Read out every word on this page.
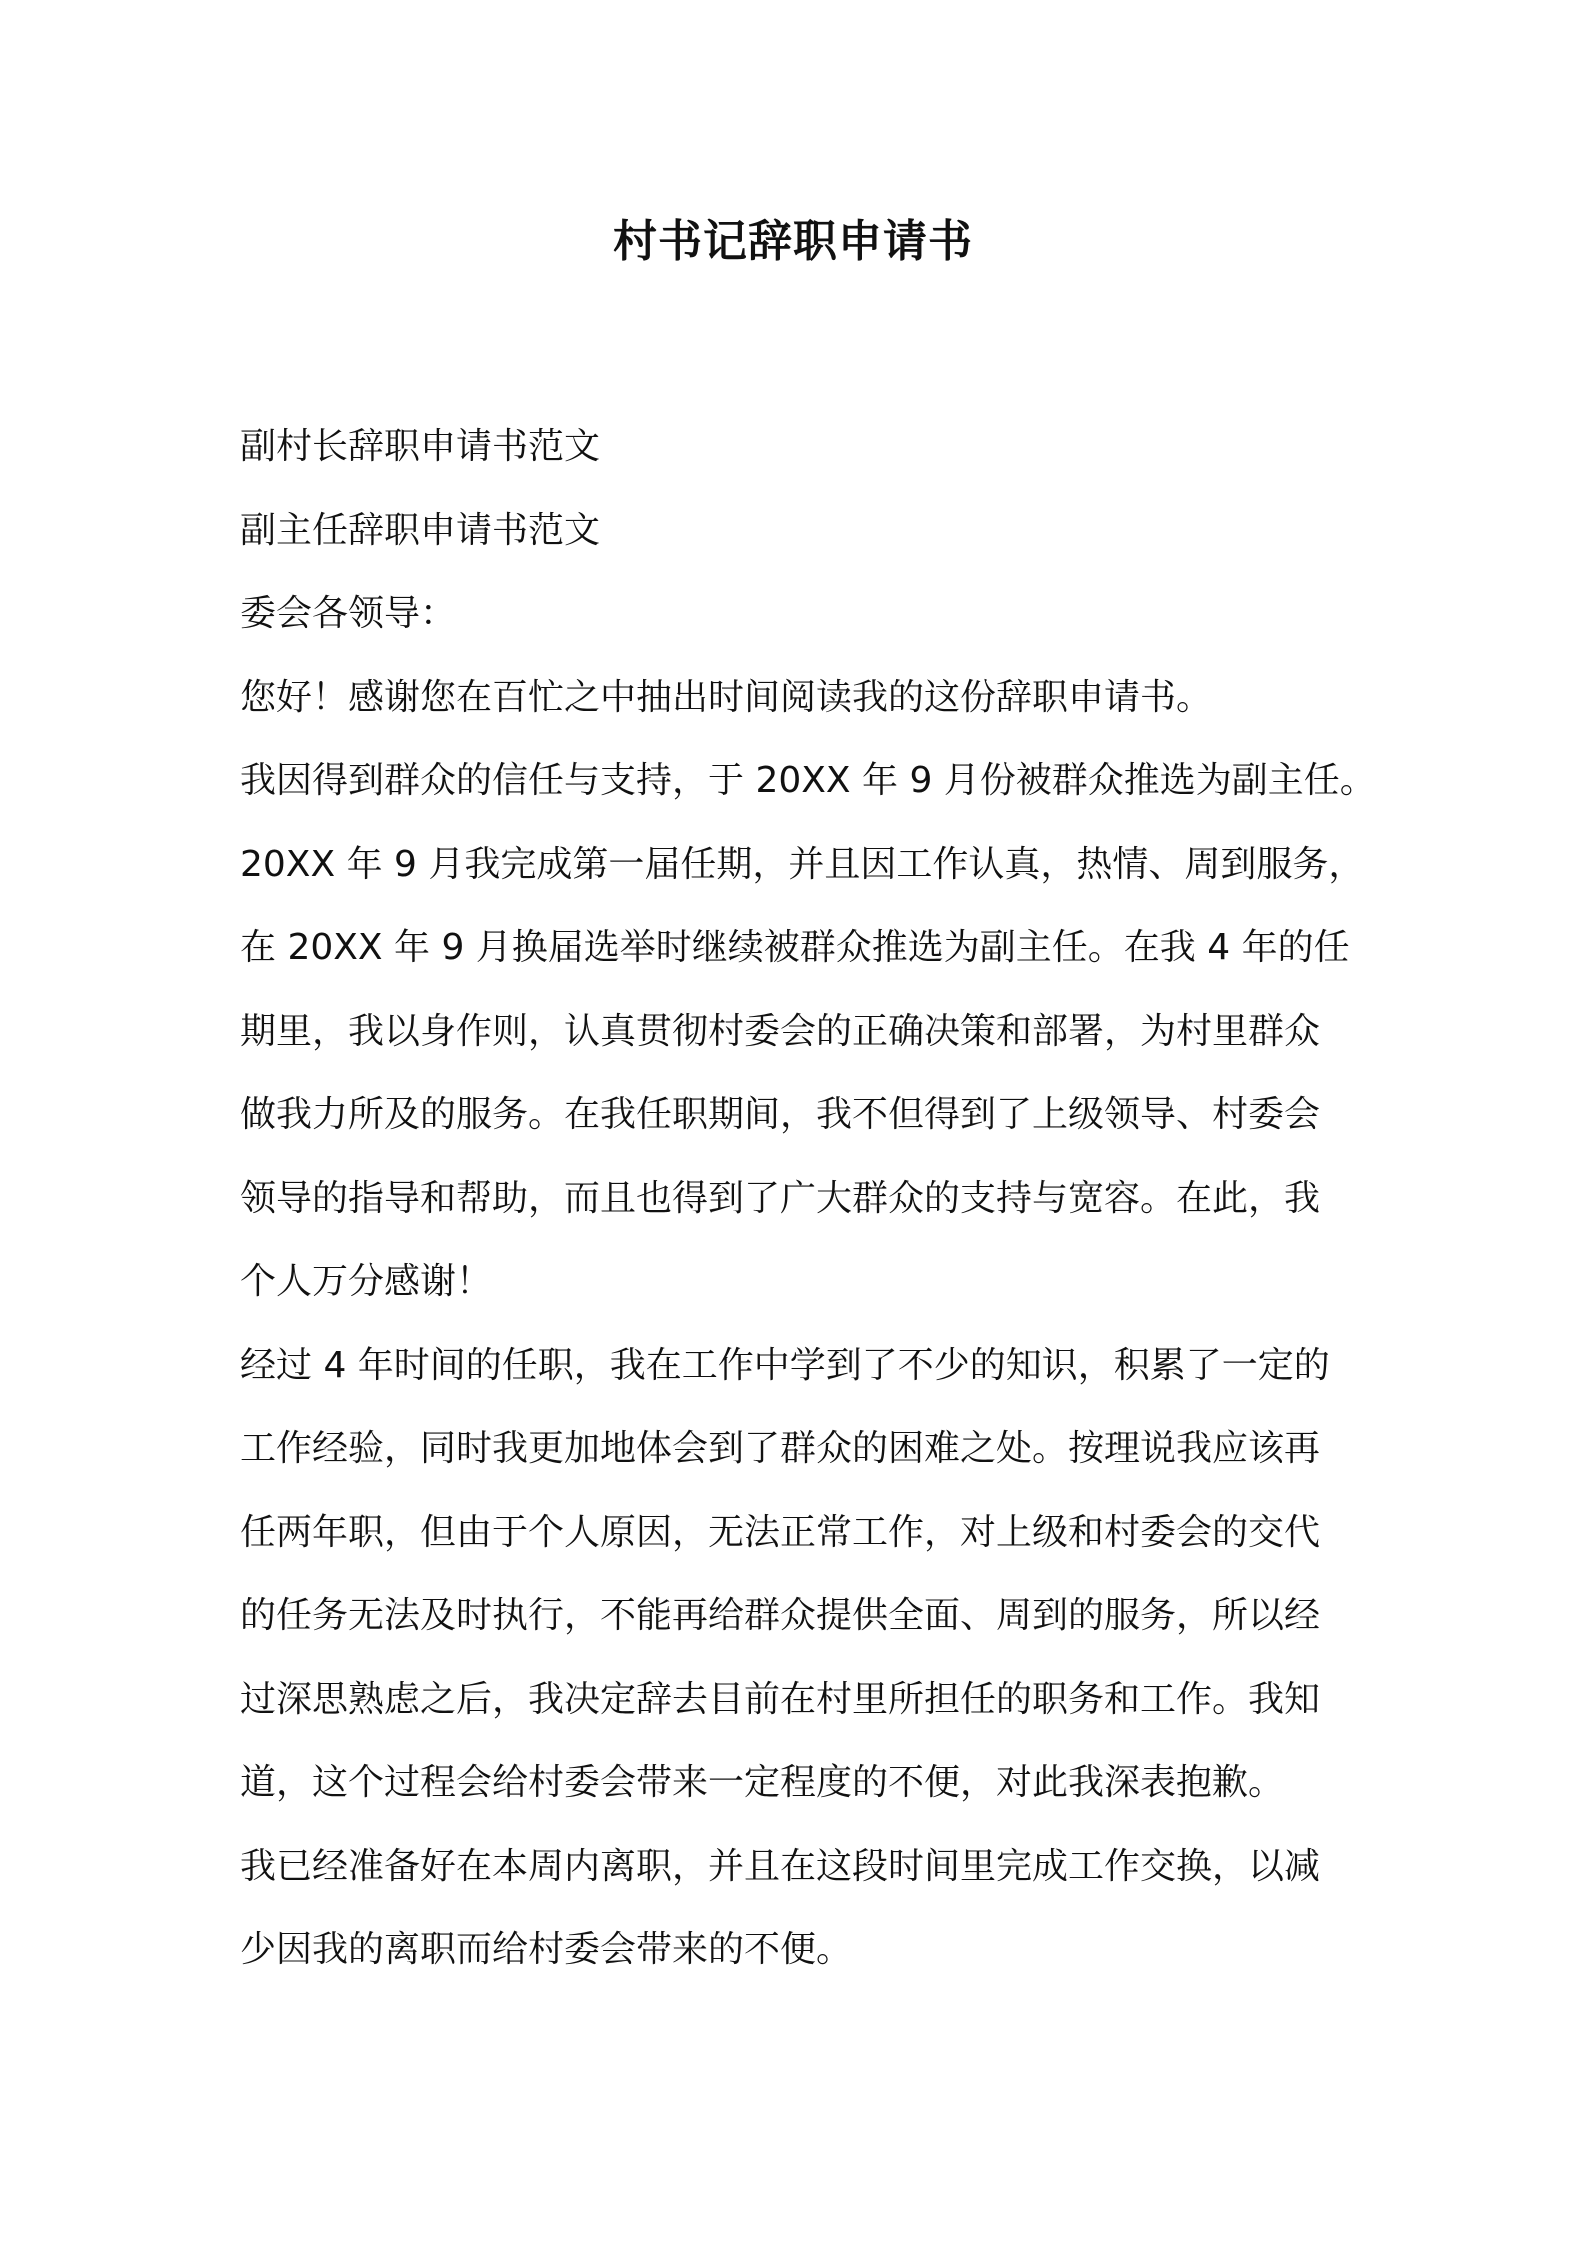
村书记辞职申请书
副村长辞职申请书范文
副主任辞职申请书范文
委会各领导：
您好！感谢您在百忙之中抽出时间阅读我的这份辞职申请书。
我因得到群众的信任与支持，于 20XX 年 9 月份被群众推选为副主任。
20XX 年 9 月我完成第一届任期，并且因工作认真，热情、周到服务，
在 20XX 年 9 月换届选举时继续被群众推选为副主任。在我 4 年的任
期里，我以身作则，认真贯彻村委会的正确决策和部署，为村里群众
做我力所及的服务。在我任职期间，我不但得到了上级领导、村委会
领导的指导和帮助，而且也得到了广大群众的支持与宽容。在此，我
个人万分感谢！
经过 4 年时间的任职，我在工作中学到了不少的知识，积累了一定的
工作经验，同时我更加地体会到了群众的困难之处。按理说我应该再
任两年职，但由于个人原因，无法正常工作，对上级和村委会的交代
的任务无法及时执行，不能再给群众提供全面、周到的服务，所以经
过深思熟虑之后，我决定辞去目前在村里所担任的职务和工作。我知
道，这个过程会给村委会带来一定程度的不便，对此我深表抱歉。
我已经准备好在本周内离职，并且在这段时间里完成工作交换，以减
少因我的离职而给村委会带来的不便。
